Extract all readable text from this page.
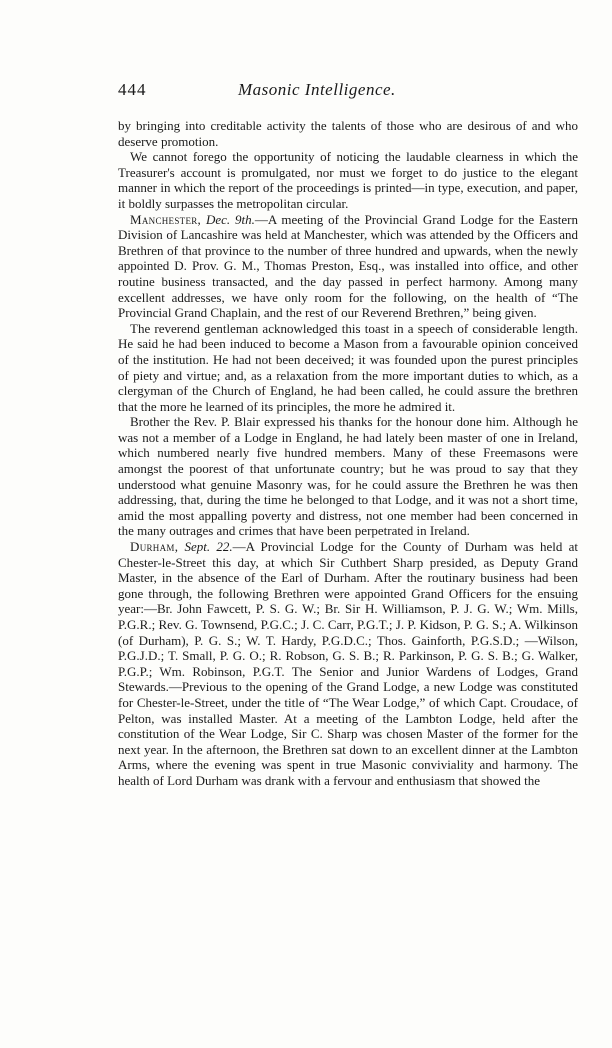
444	Masonic Intelligence.

by bringing into creditable activity the talents of those who are desirous of and who deserve promotion.

We cannot forego the opportunity of noticing the laudable clearness in which the Treasurer's account is promulgated, nor must we forget to do justice to the elegant manner in which the report of the proceedings is printed—in type, execution, and paper, it boldly surpasses the metropolitan circular.

Manchester, Dec. 9th.—A meeting of the Provincial Grand Lodge for the Eastern Division of Lancashire was held at Manchester, which was attended by the Officers and Brethren of that province to the number of three hundred and upwards, when the newly appointed D. Prov. G. M., Thomas Preston, Esq., was installed into office, and other routine business transacted, and the day passed in perfect harmony. Among many excellent addresses, we have only room for the following, on the health of “The Provincial Grand Chaplain, and the rest of our Reverend Brethren,” being given.

The reverend gentleman acknowledged this toast in a speech of considerable length. He said he had been induced to become a Mason from a favourable opinion conceived of the institution. He had not been deceived; it was founded upon the purest principles of piety and virtue; and, as a relaxation from the more important duties to which, as a clergyman of the Church of England, he had been called, he could assure the brethren that the more he learned of its principles, the more he admired it.

Brother the Rev. P. Blair expressed his thanks for the honour done him. Although he was not a member of a Lodge in England, he had lately been master of one in Ireland, which numbered nearly five hundred members. Many of these Freemasons were amongst the poorest of that unfortunate country; but he was proud to say that they understood what genuine Masonry was, for he could assure the Brethren he was then addressing, that, during the time he belonged to that Lodge, and it was not a short time, amid the most appalling poverty and distress, not one member had been concerned in the many outrages and crimes that have been perpetrated in Ireland.

Durham, Sept. 22.—A Provincial Lodge for the County of Durham was held at Chester-le-Street this day, at which Sir Cuthbert Sharp presided, as Deputy Grand Master, in the absence of the Earl of Durham. After the routinary business had been gone through, the following Brethren were appointed Grand Officers for the ensuing year:—Br. John Fawcett, P. S. G. W.; Br. Sir H. Williamson, P. J. G. W.; Wm. Mills, P.G.R.; Rev. G. Townsend, P.G.C.; J. C. Carr, P.G.T.; J. P. Kidson, P. G. S.; A. Wilkinson (of Durham), P. G. S.; W. T. Hardy, P.G.D.C.; Thos. Gainforth, P.G.S.D.; —Wilson, P.G.J.D.; T. Small, P. G. O.; R. Robson, G. S. B.; R. Parkinson, P. G. S. B.; G. Walker, P.G.P.; Wm. Robinson, P.G.T. The Senior and Junior Wardens of Lodges, Grand Stewards.—Previous to the opening of the Grand Lodge, a new Lodge was constituted for Chester-le-Street, under the title of “The Wear Lodge,” of which Capt. Croudace, of Pelton, was installed Master. At a meeting of the Lambton Lodge, held after the constitution of the Wear Lodge, Sir C. Sharp was chosen Master of the former for the next year. In the afternoon, the Brethren sat down to an excellent dinner at the Lambton Arms, where the evening was spent in true Masonic conviviality and harmony. The health of Lord Durham was drank with a fervour and enthusiasm that showed the
